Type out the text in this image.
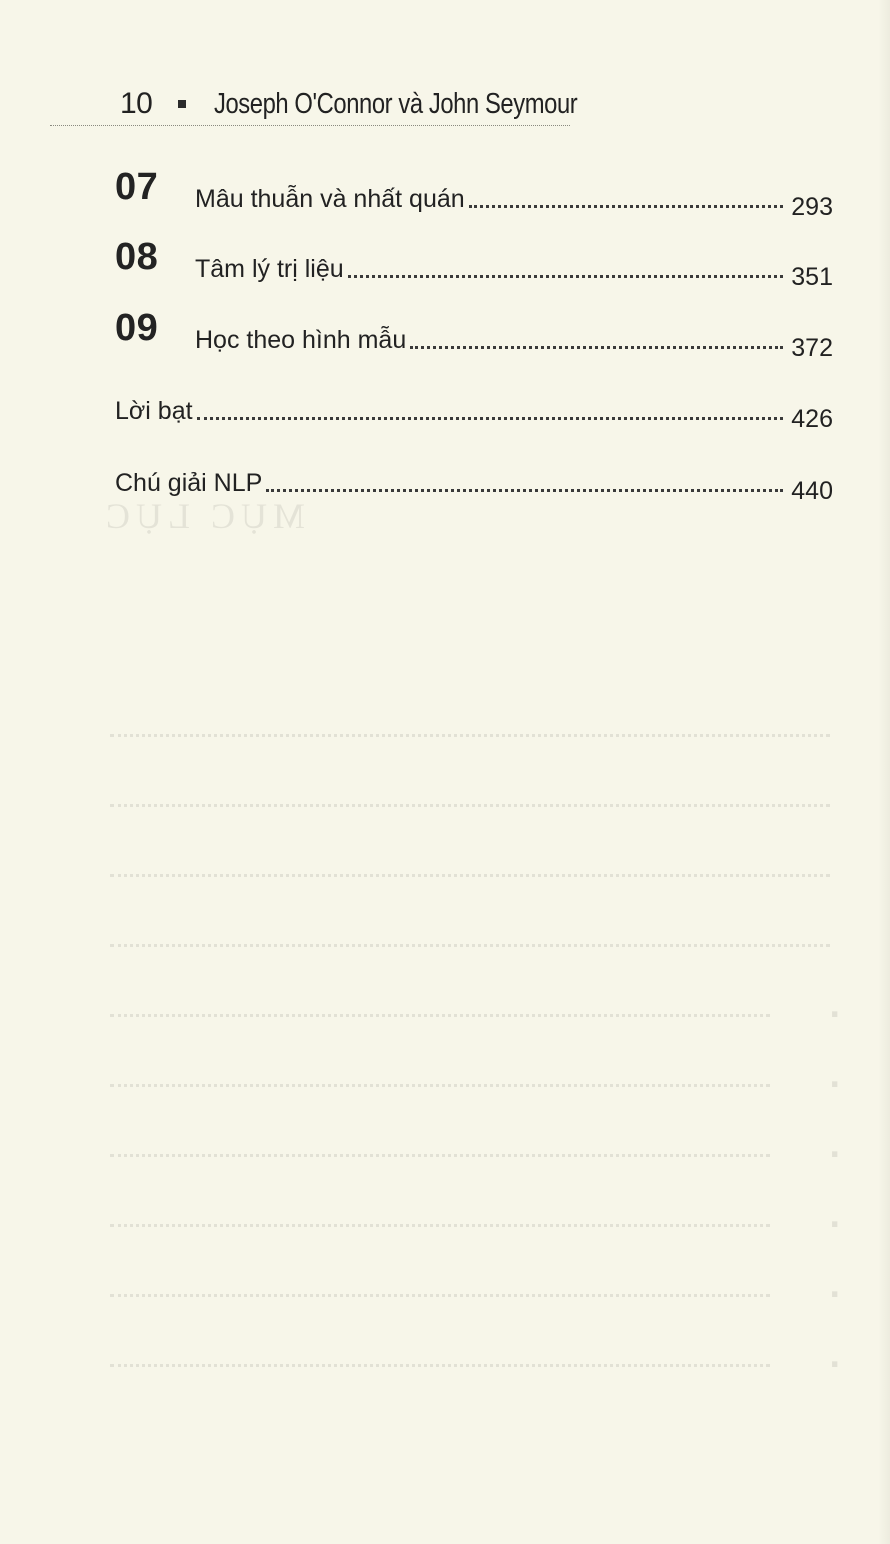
10 Joseph O'Connor và John Seymour
MỤC LỤC
·
·
·
·
·
·
07	Mâu thuẫn và nhất quán	293
08	Tâm lý trị liệu	351
09	Học theo hình mẫu	372
Lời bạt	426
Chú giải NLP	440
